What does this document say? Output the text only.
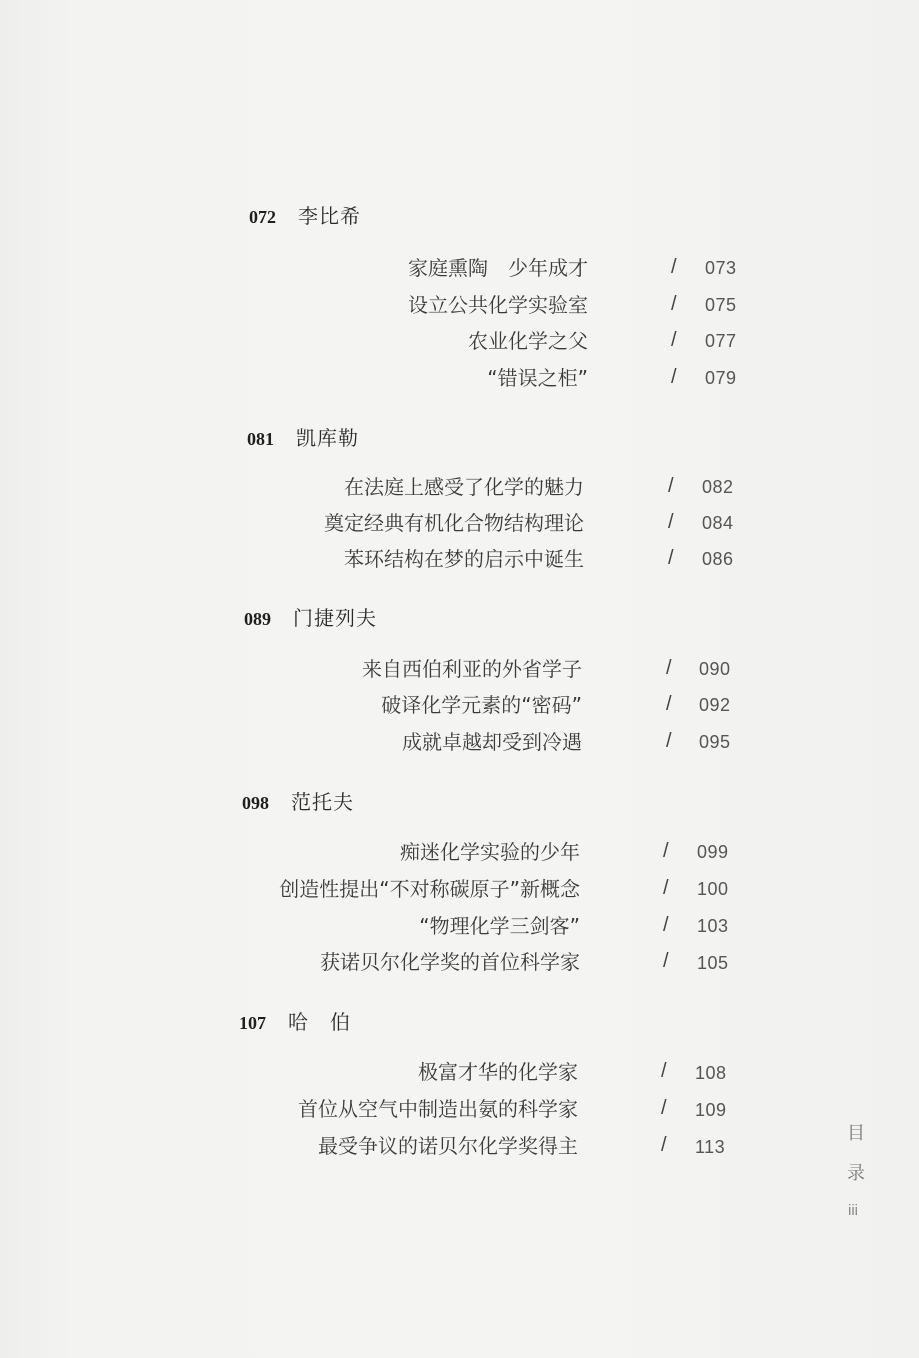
072 李比希
家庭熏陶　少年成才	/ 073
设立公共化学实验室	/ 075
农业化学之父	/ 077
“错误之柜”	/ 079
081 凯库勒
在法庭上感受了化学的魅力	/ 082
奠定经典有机化合物结构理论	/ 084
苯环结构在梦的启示中诞生	/ 086
089 门捷列夫
来自西伯利亚的外省学子	/ 090
破译化学元素的“密码”	/ 092
成就卓越却受到冷遇	/ 095
098 范托夫
痴迷化学实验的少年	/ 099
创造性提出“不对称碳原子”新概念	/ 100
“物理化学三剑客”	/ 103
获诺贝尔化学奖的首位科学家	/ 105
107 哈　伯
极富才华的化学家	/ 108
首位从空气中制造出氨的科学家	/ 109
最受争议的诺贝尔化学奖得主	/ 113
目
录
iii
